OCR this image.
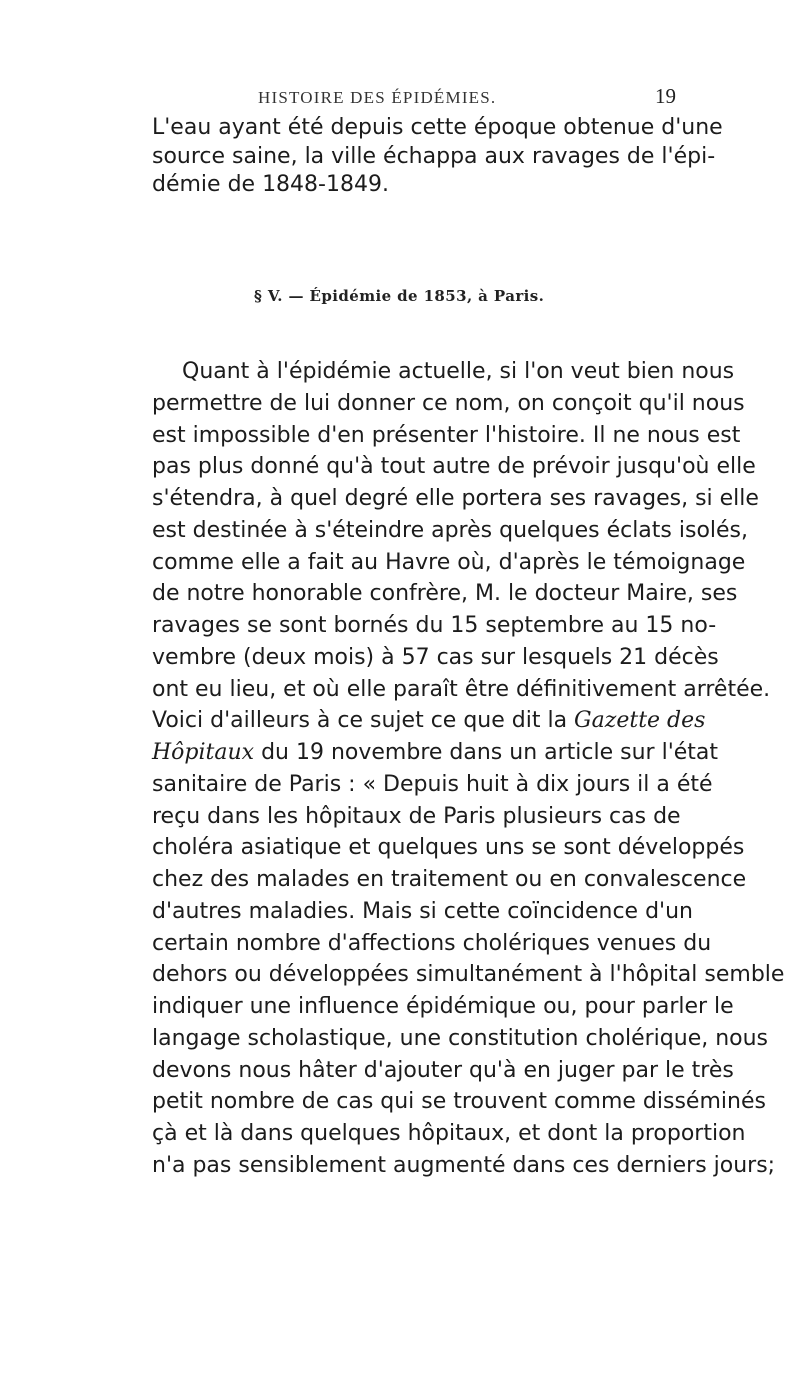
HISTOIRE DES ÉPIDÉMIES.	19

L'eau ayant été depuis cette époque obtenue d'une
source saine, la ville échappa aux ravages de l'épi-
démie de 1848-1849.

§ V. — Épidémie de 1853, à Paris.

Quant à l'épidémie actuelle, si l'on veut bien nous
permettre de lui donner ce nom, on conçoit qu'il nous
est impossible d'en présenter l'histoire. Il ne nous est
pas plus donné qu'à tout autre de prévoir jusqu'où elle
s'étendra, à quel degré elle portera ses ravages, si elle
est destinée à s'éteindre après quelques éclats isolés,
comme elle a fait au Havre où, d'après le témoignage
de notre honorable confrère, M. le docteur Maire, ses
ravages se sont bornés du 15 septembre au 15 no-
vembre (deux mois) à 57 cas sur lesquels 21 décès
ont eu lieu, et où elle paraît être définitivement arrêtée.
Voici d'ailleurs à ce sujet ce que dit la Gazette des
Hôpitaux du 19 novembre dans un article sur l'état
sanitaire de Paris : « Depuis huit à dix jours il a été
reçu dans les hôpitaux de Paris plusieurs cas de
choléra asiatique et quelques uns se sont développés
chez des malades en traitement ou en convalescence
d'autres maladies. Mais si cette coïncidence d'un
certain nombre d'affections cholériques venues du
dehors ou développées simultanément à l'hôpital semble
indiquer une influence épidémique ou, pour parler le
langage scholastique, une constitution cholérique, nous
devons nous hâter d'ajouter qu'à en juger par le très
petit nombre de cas qui se trouvent comme disséminés
çà et là dans quelques hôpitaux, et dont la proportion
n'a pas sensiblement augmenté dans ces derniers jours;
